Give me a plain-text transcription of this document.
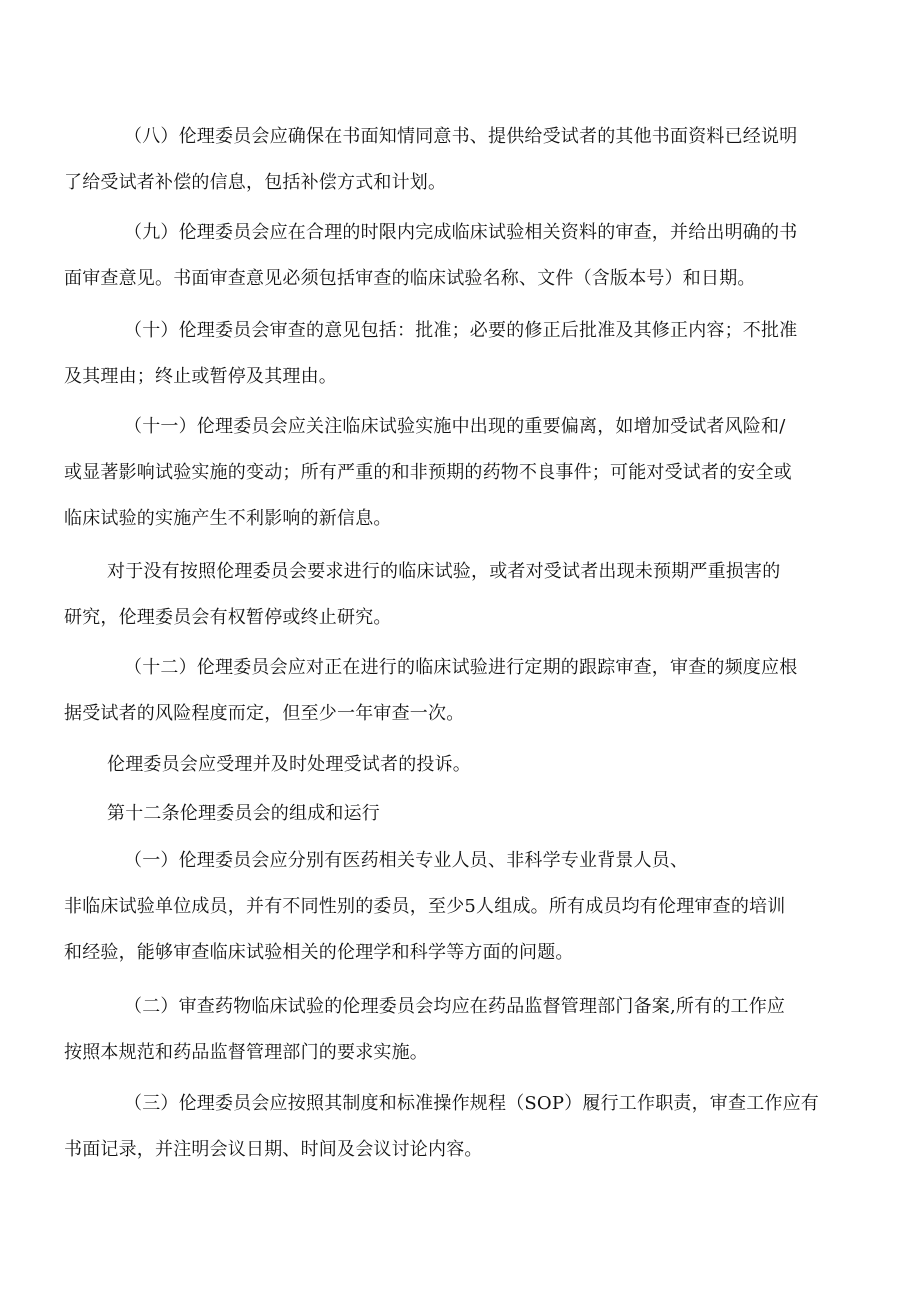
（八）伦理委员会应确保在书面知情同意书、提供给受试者的其他书面资料已经说明
了给受试者补偿的信息，包括补偿方式和计划。
（九）伦理委员会应在合理的时限内完成临床试验相关资料的审查，并给出明确的书
面审查意见。书面审查意见必须包括审查的临床试验名称、文件（含版本号）和日期。
（十）伦理委员会审查的意见包括：批准；必要的修正后批准及其修正内容；不批准
及其理由；终止或暂停及其理由。
（十一）伦理委员会应关注临床试验实施中出现的重要偏离，如增加受试者风险和/
或显著影响试验实施的变动；所有严重的和非预期的药物不良事件；可能对受试者的安全或
临床试验的实施产生不利影响的新信息。
对于没有按照伦理委员会要求进行的临床试验，或者对受试者出现未预期严重损害的
研究，伦理委员会有权暂停或终止研究。
（十二）伦理委员会应对正在进行的临床试验进行定期的跟踪审查，审查的频度应根
据受试者的风险程度而定，但至少一年审查一次。
伦理委员会应受理并及时处理受试者的投诉。
第十二条伦理委员会的组成和运行
（一）伦理委员会应分别有医药相关专业人员、非科学专业背景人员、
非临床试验单位成员，并有不同性别的委员，至少5人组成。所有成员均有伦理审查的培训
和经验，能够审查临床试验相关的伦理学和科学等方面的问题。
（二）审查药物临床试验的伦理委员会均应在药品监督管理部门备案,所有的工作应
按照本规范和药品监督管理部门的要求实施。
（三）伦理委员会应按照其制度和标准操作规程（SOP）履行工作职责，审查工作应有
书面记录，并注明会议日期、时间及会议讨论内容。
